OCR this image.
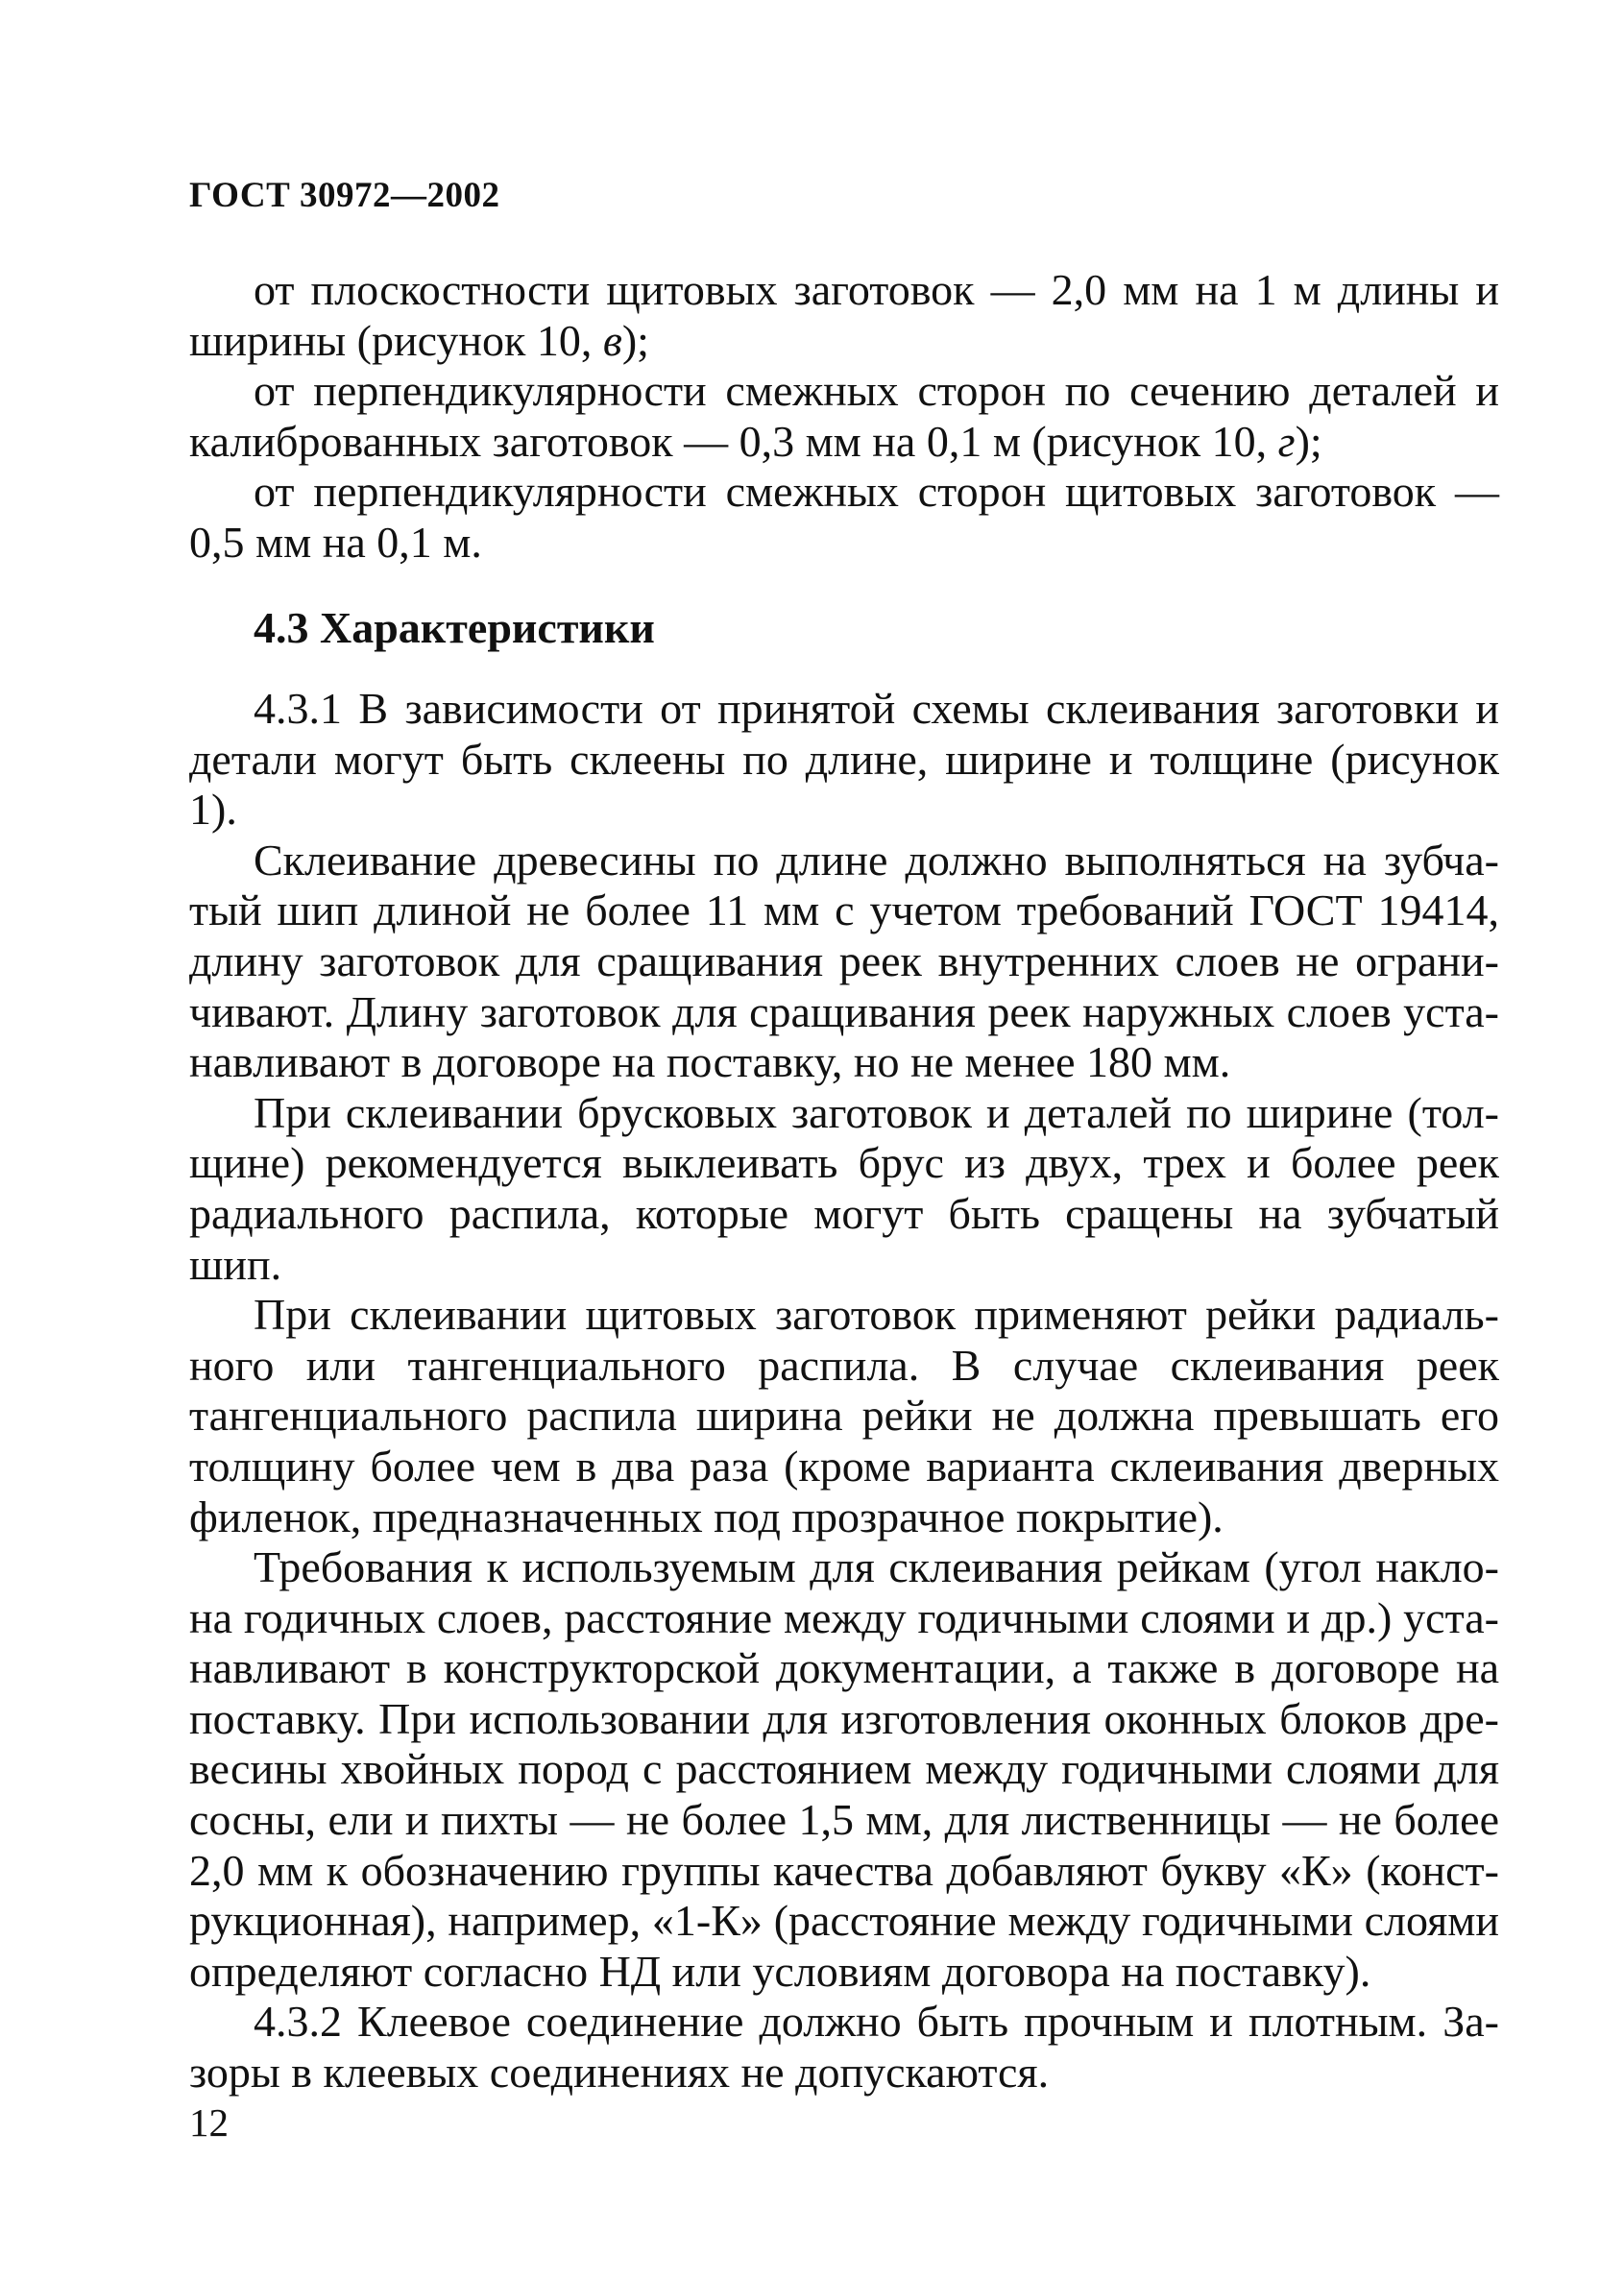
ГОСТ 30972—2002

от плоскостности щитовых заготовок — 2,0 мм на 1 м длины и ширины (рисунок 10, в);

от перпендикулярности смежных сторон по сечению деталей и калиброванных заготовок — 0,3 мм на 0,1 м (рисунок 10, г);

от перпендикулярности смежных сторон щитовых заготовок — 0,5 мм на 0,1 м.

4.3 Характеристики

4.3.1 В зависимости от принятой схемы склеивания заготовки и детали могут быть склеены по длине, ширине и толщине (рисунок 1).

Склеивание древесины по длине должно выполняться на зубчатый шип длиной не более 11 мм с учетом требований ГОСТ 19414, длину заготовок для сращивания реек внутренних слоев не ограничивают. Длину заготовок для сращивания реек наружных слоев устанавливают в договоре на поставку, но не менее 180 мм.

При склеивании брусковых заготовок и деталей по ширине (толщине) рекомендуется выклеивать брус из двух, трех и более реек радиального распила, которые могут быть сращены на зубчатый шип.

При склеивании щитовых заготовок применяют рейки радиального или тангенциального распила. В случае склеивания реек тангенциального распила ширина рейки не должна превышать его толщину более чем в два раза (кроме варианта склеивания дверных филенок, предназначенных под прозрачное покрытие).

Требования к используемым для склеивания рейкам (угол наклона годичных слоев, расстояние между годичными слоями и др.) устанавливают в конструкторской документации, а также в договоре на поставку. При использовании для изготовления оконных блоков древесины хвойных пород с расстоянием между годичными слоями для сосны, ели и пихты — не более 1,5 мм, для лиственницы — не более 2,0 мм к обозначению группы качества добавляют букву «К» (конструкционная), например, «1-К» (расстояние между годичными слоями определяют согласно НД или условиям договора на поставку).

4.3.2 Клеевое соединение должно быть прочным и плотным. Зазоры в клеевых соединениях не допускаются.

12
